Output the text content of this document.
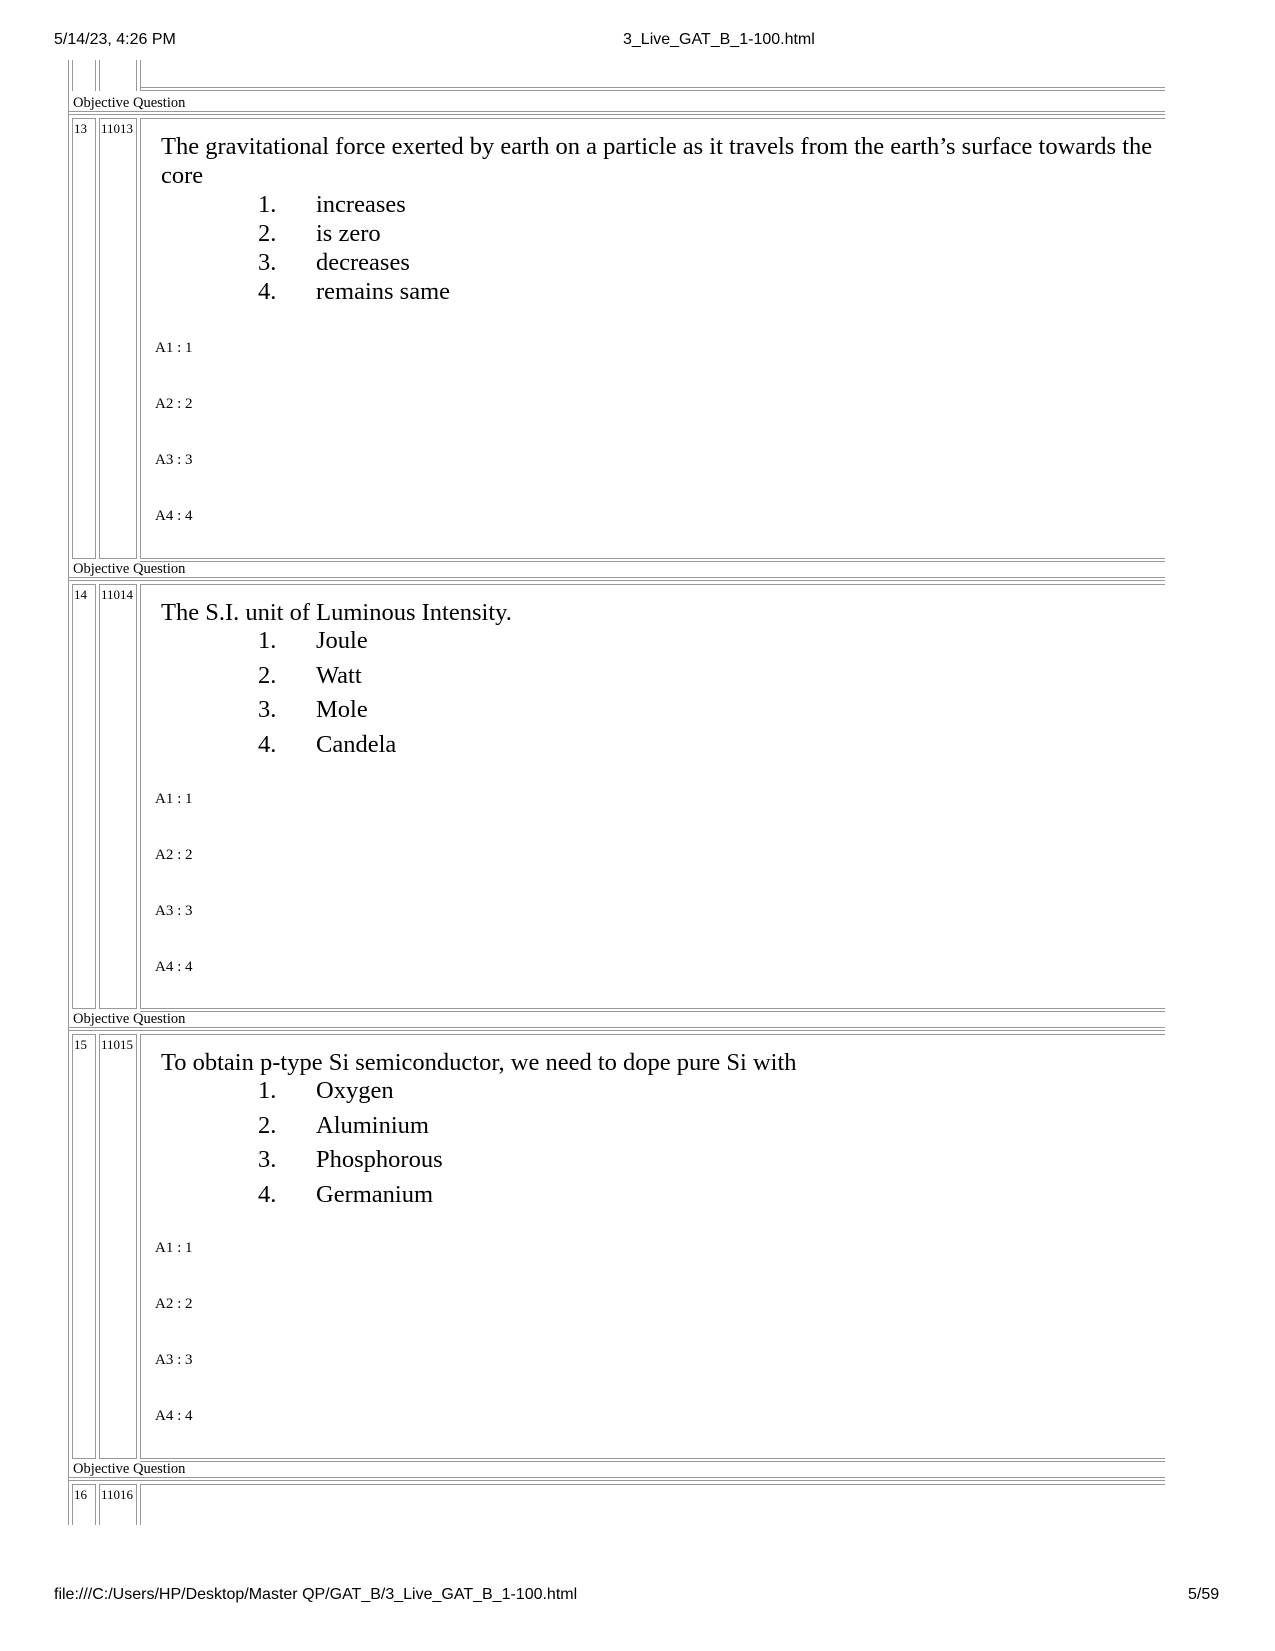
5/14/23, 4:26 PM	3_Live_GAT_B_1-100.html
file:///C:/Users/HP/Desktop/Master QP/GAT_B/3_Live_GAT_B_1-100.html	5/59
Objective Question
13 11013
The gravitational force exerted by earth on a particle as it travels from the earth’s surface towards the core
1.	increases
2.	is zero
3.	decreases
4.	remains same
A1 : 1
A2 : 2
A3 : 3
A4 : 4
Objective Question
14 11014
The S.I. unit of Luminous Intensity.
1.	Joule
2.	Watt
3.	Mole
4.	Candela
A1 : 1
A2 : 2
A3 : 3
A4 : 4
Objective Question
15 11015
To obtain p-type Si semiconductor, we need to dope pure Si with
1.	Oxygen
2.	Aluminium
3.	Phosphorous
4.	Germanium
A1 : 1
A2 : 2
A3 : 3
A4 : 4
Objective Question
16 11016
